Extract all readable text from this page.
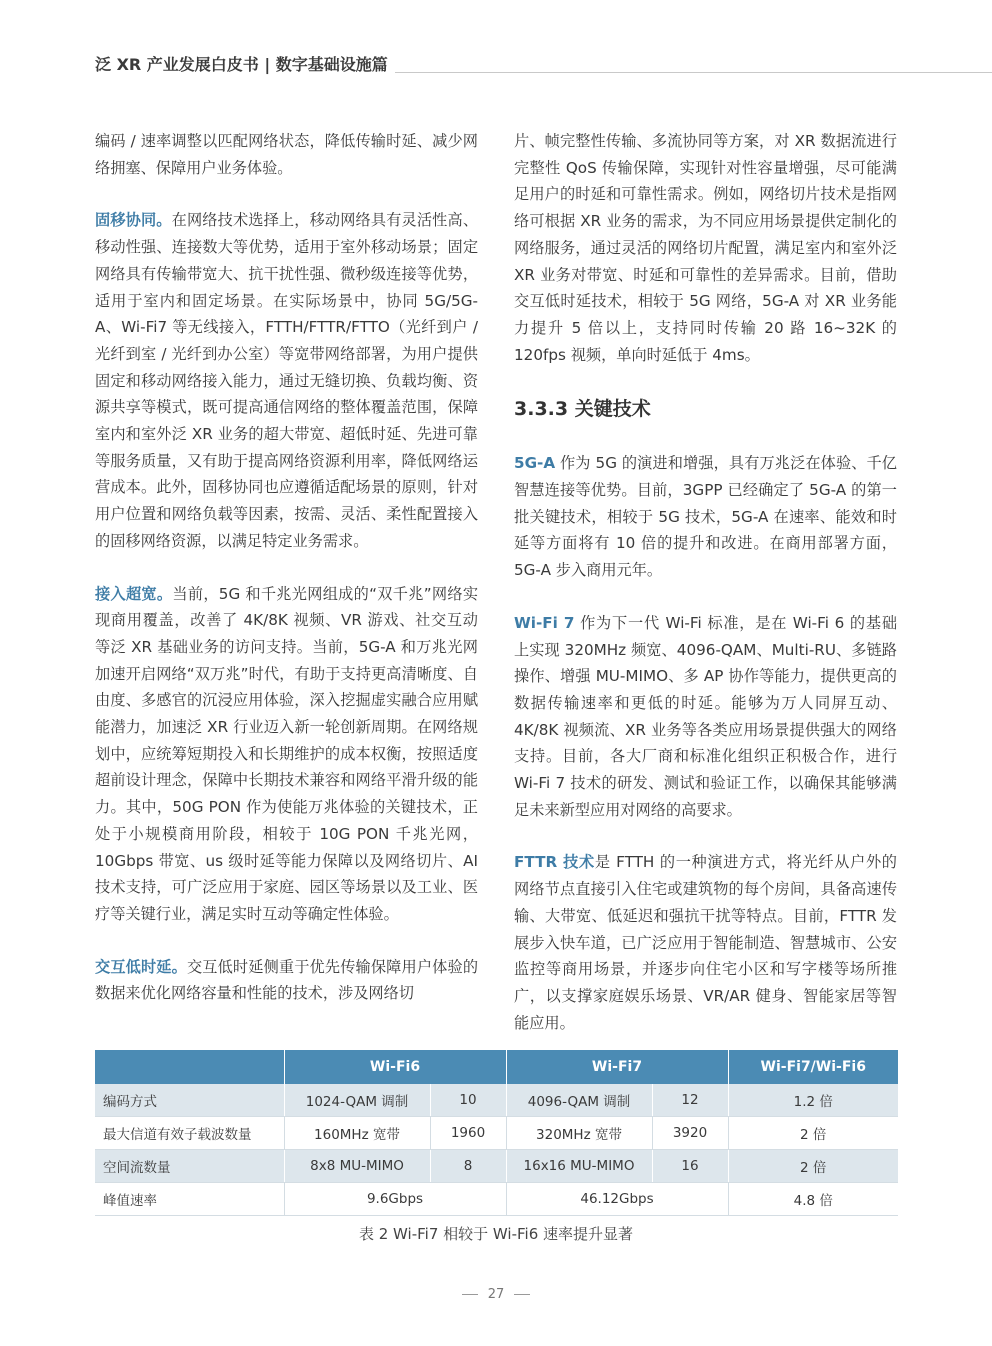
泛 XR 产业发展白皮书 | 数字基础设施篇

编码 / 速率调整以匹配网络状态，降低传输时延、减少网络拥塞、保障用户业务体验。

固移协同。在网络技术选择上，移动网络具有灵活性高、移动性强、连接数大等优势，适用于室外移动场景；固定网络具有传输带宽大、抗干扰性强、微秒级连接等优势，适用于室内和固定场景。在实际场景中，协同 5G/5G-A、Wi-Fi7 等无线接入，FTTH/FTTR/FTTO（光纤到户 / 光纤到室 / 光纤到办公室）等宽带网络部署，为用户提供固定和移动网络接入能力，通过无缝切换、负载均衡、资源共享等模式，既可提高通信网络的整体覆盖范围，保障室内和室外泛 XR 业务的超大带宽、超低时延、先进可靠等服务质量，又有助于提高网络资源利用率，降低网络运营成本。此外，固移协同也应遵循适配场景的原则，针对用户位置和网络负载等因素，按需、灵活、柔性配置接入的固移网络资源，以满足特定业务需求。

接入超宽。当前，5G 和千兆光网组成的“双千兆”网络实现商用覆盖，改善了 4K/8K 视频、VR 游戏、社交互动等泛 XR 基础业务的访问支持。当前，5G-A 和万兆光网加速开启网络“双万兆”时代，有助于支持更高清晰度、自由度、多感官的沉浸应用体验，深入挖掘虚实融合应用赋能潜力，加速泛 XR 行业迈入新一轮创新周期。在网络规划中，应统筹短期投入和长期维护的成本权衡，按照适度超前设计理念，保障中长期技术兼容和网络平滑升级的能力。其中，50G PON 作为使能万兆体验的关键技术，正处于小规模商用阶段，相较于 10G PON 千兆光网，10Gbps 带宽、us 级时延等能力保障以及网络切片、AI 技术支持，可广泛应用于家庭、园区等场景以及工业、医疗等关键行业，满足实时互动等确定性体验。

交互低时延。交互低时延侧重于优先传输保障用户体验的数据来优化网络容量和性能的技术，涉及网络切

片、帧完整性传输、多流协同等方案，对 XR 数据流进行完整性 QoS 传输保障，实现针对性容量增强，尽可能满足用户的时延和可靠性需求。例如，网络切片技术是指网络可根据 XR 业务的需求，为不同应用场景提供定制化的网络服务，通过灵活的网络切片配置，满足室内和室外泛 XR 业务对带宽、时延和可靠性的差异需求。目前，借助交互低时延技术，相较于 5G 网络，5G-A 对 XR 业务能力提升 5 倍以上，支持同时传输 20 路 16~32K 的 120fps 视频，单向时延低于 4ms。

3.3.3 关键技术

5G-A 作为 5G 的演进和增强，具有万兆泛在体验、千亿智慧连接等优势。目前，3GPP 已经确定了 5G-A 的第一批关键技术，相较于 5G 技术，5G-A 在速率、能效和时延等方面将有 10 倍的提升和改进。在商用部署方面，5G-A 步入商用元年。

Wi-Fi 7 作为下一代 Wi-Fi 标准，是在 Wi-Fi 6 的基础上实现 320MHz 频宽、4096-QAM、Multi-RU、多链路操作、增强 MU-MIMO、多 AP 协作等能力，提供更高的数据传输速率和更低的时延。能够为万人同屏互动、4K/8K 视频流、XR 业务等各类应用场景提供强大的网络支持。目前，各大厂商和标准化组织正积极合作，进行 Wi-Fi 7 技术的研发、测试和验证工作，以确保其能够满足未来新型应用对网络的高要求。

FTTR 技术是 FTTH 的一种演进方式，将光纤从户外的网络节点直接引入住宅或建筑物的每个房间，具备高速传输、大带宽、低延迟和强抗干扰等特点。目前，FTTR 发展步入快车道，已广泛应用于智能制造、智慧城市、公安监控等商用场景，并逐步向住宅小区和写字楼等场所推广，以支撑家庭娱乐场景、VR/AR 健身、智能家居等智能应用。

	Wi-Fi6		Wi-Fi7		Wi-Fi7/Wi-Fi6
编码方式	1024-QAM 调制	10	4096-QAM 调制	12	1.2 倍
最大信道有效子载波数量	160MHz 宽带	1960	320MHz 宽带	3920	2 倍
空间流数量	8x8 MU-MIMO	8	16x16 MU-MIMO	16	2 倍
峰值速率	9.6Gbps		46.12Gbps		4.8 倍
表 2 Wi-Fi7 相较于 Wi-Fi6 速率提升显著
27
